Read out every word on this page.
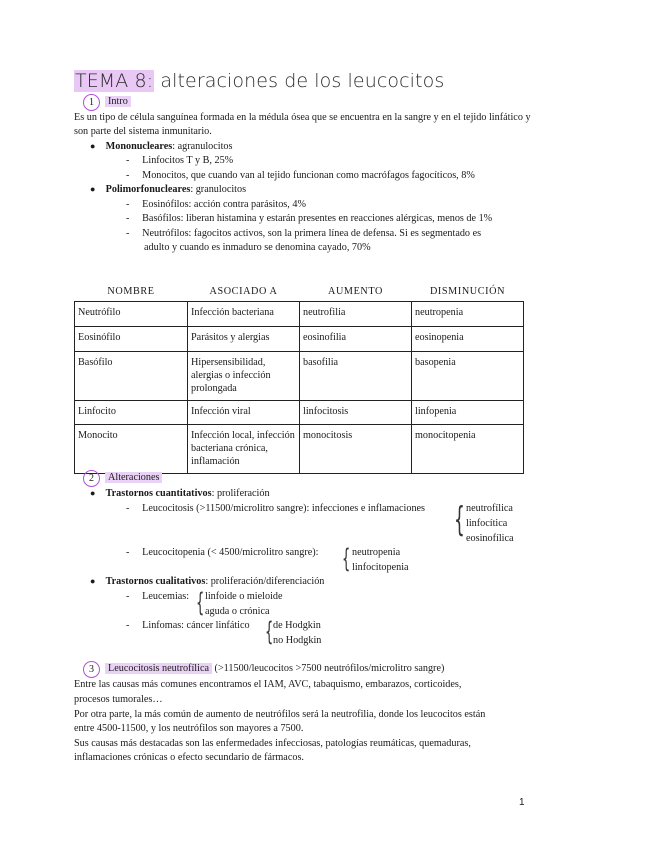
TEMA 8: alteraciones de los leucocitos
1	Intro
Es un tipo de célula sanguínea formada en la médula ósea que se encuentra en la sangre y en el tejido linfático y son parte del sistema inmunitario.
● Mononucleares: agranulocitos
-     Linfocitos T y B, 25%
-     Monocitos, que cuando van al tejido funcionan como macrófagos fagocíticos, 8%
● Polimorfonucleares: granulocitos
-     Eosinófilos: acción contra parásitos, 4%
-     Basófilos: liberan histamina y estarán presentes en reacciones alérgicas, menos de 1%
-     Neutrófilos: fagocitos activos, son la primera línea de defensa. Si es segmentado es
adulto y cuando es inmaduro se denomina cayado, 70%
NOMBRE	ASOCIADO A	AUMENTO	DISMINUCIÓN
Neutrófilo	Infección bacteriana	neutrofilia	neutropenia
Eosinófilo	Parásitos y alergias	eosinofilia	eosinopenia
Basófilo	Hipersensibilidad, alergias o infección prolongada	basofilia	basopenia
Linfocito	Infección viral	linfocitosis	linfopenia
Monocito	Infección local, infección bacteriana crónica, inflamación	monocitosis	monocitopenia
2	Alteraciones
● Trastornos cuantitativos: proliferación
-     Leucocitosis (>11500/microlitro sangre): infecciones e inflamaciones { neutrofílica
linfocítica
eosinofílica
-     Leucocitopenia (< 4500/microlitro sangre): { neutropenia
linfocitopenia
● Trastornos cualitativos: proliferación/diferenciación
-     Leucemias: { linfoide o mieloide
aguda o crónica
-     Linfomas: cáncer linfático { de Hodgkin
no Hodgkin
3	Leucocitosis neutrofílica (>11500/leucocitos >7500 neutrófilos/microlitro sangre)
Entre las causas más comunes encontramos el IAM, AVC, tabaquismo, embarazos, corticoides,
procesos tumorales…
Por otra parte, la más común de aumento de neutrófilos será la neutrofilia, donde los leucocitos están
entre 4500-11500, y los neutrófilos son mayores a 7500.
Sus causas más destacadas son las enfermedades infecciosas, patologías reumáticas, quemaduras,
inflamaciones crónicas o efecto secundario de fármacos.
1
